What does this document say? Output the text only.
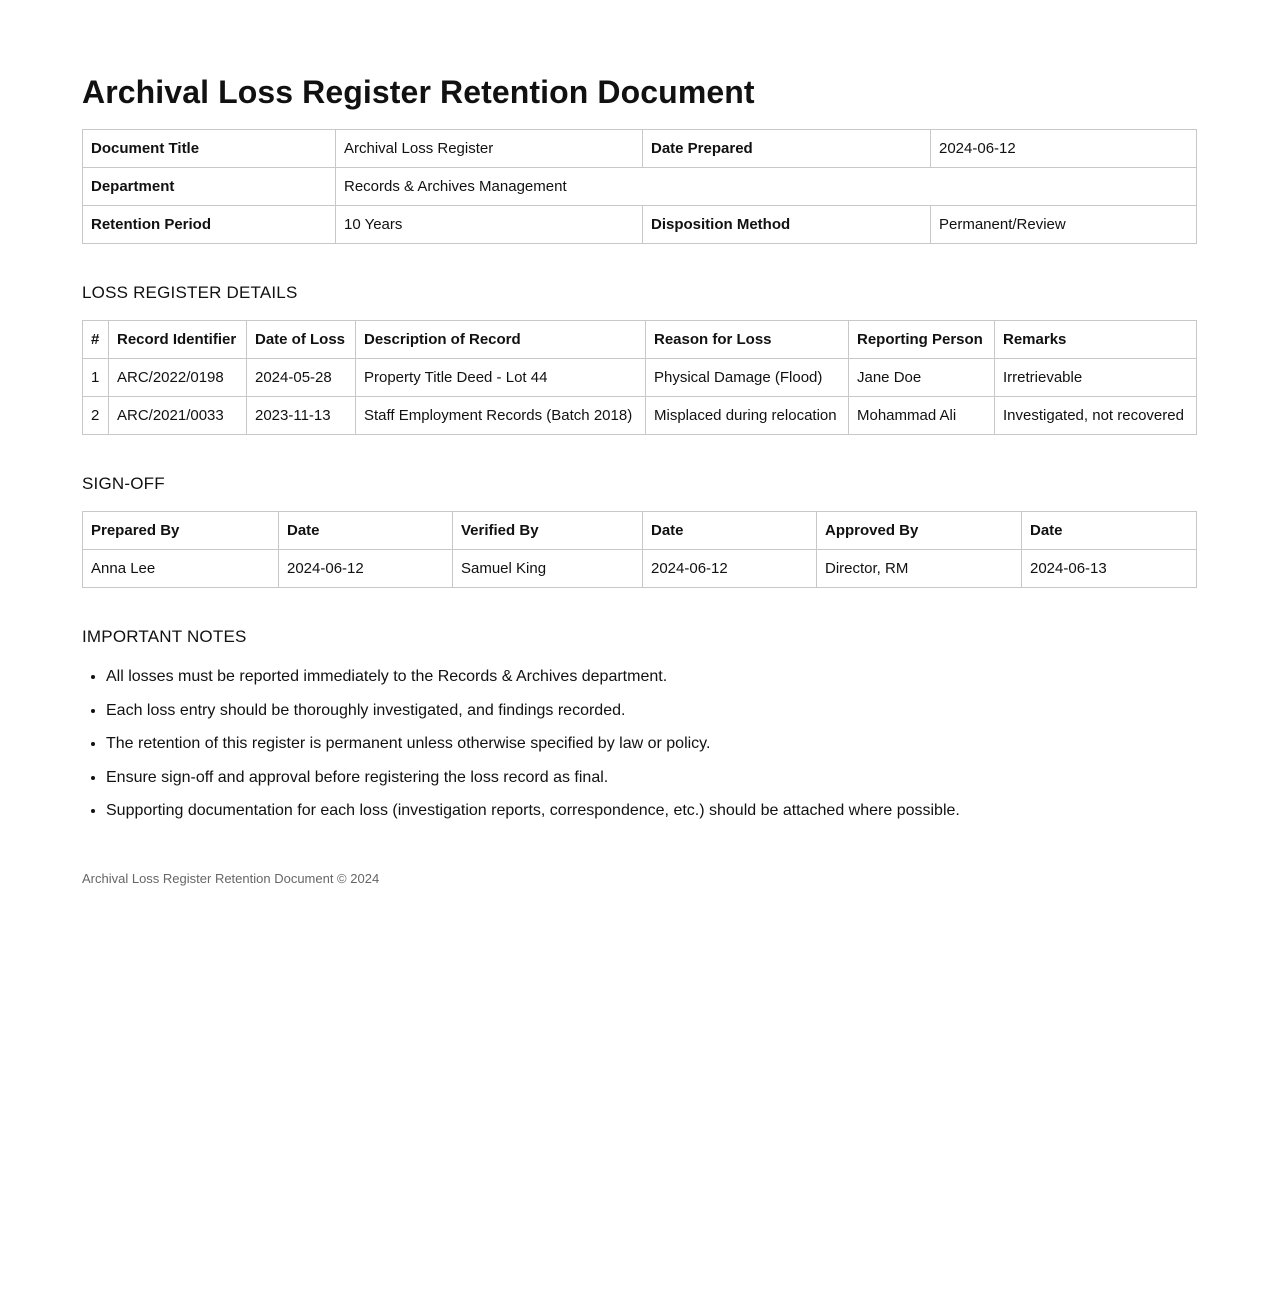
Archival Loss Register Retention Document
Document Title	Archival Loss Register	Date Prepared	2024-06-12
Department	Records & Archives Management		
Retention Period	10 Years	Disposition Method	Permanent/Review
LOSS REGISTER DETAILS
#	Record Identifier	Date of Loss	Description of Record	Reason for Loss	Reporting Person	Remarks
1	ARC/2022/0198	2024-05-28	Property Title Deed - Lot 44	Physical Damage (Flood)	Jane Doe	Irretrievable
2	ARC/2021/0033	2023-11-13	Staff Employment Records (Batch 2018)	Misplaced during relocation	Mohammad Ali	Investigated, not recovered
SIGN-OFF
Prepared By	Date	Verified By	Date	Approved By	Date
Anna Lee	2024-06-12	Samuel King	2024-06-12	Director, RM	2024-06-13
IMPORTANT NOTES
• All losses must be reported immediately to the Records & Archives department.
• Each loss entry should be thoroughly investigated, and findings recorded.
• The retention of this register is permanent unless otherwise specified by law or policy.
• Ensure sign-off and approval before registering the loss record as final.
• Supporting documentation for each loss (investigation reports, correspondence, etc.) should be attached where possible.
Archival Loss Register Retention Document © 2024
